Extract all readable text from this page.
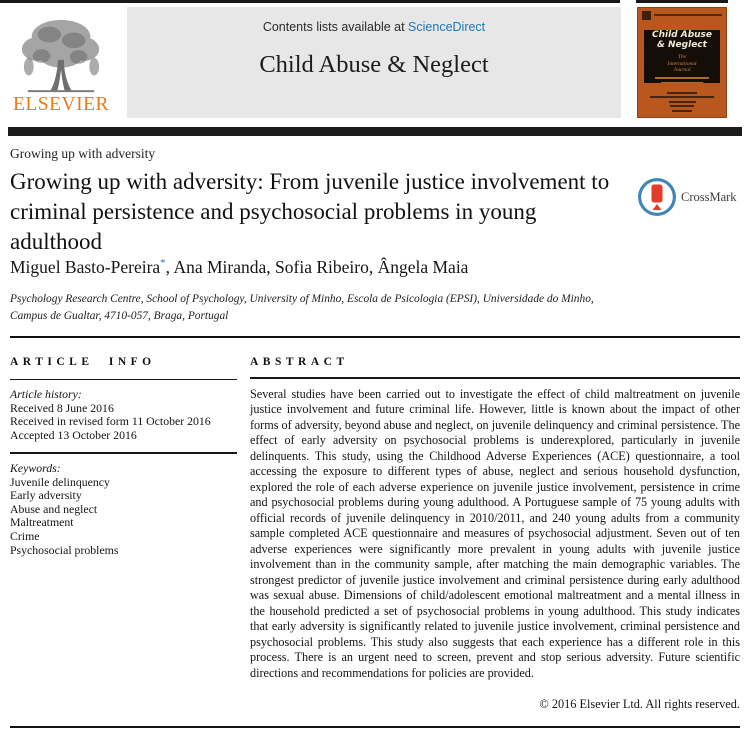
ELSEVIER
Contents lists available at ScienceDirect
Child Abuse & Neglect
Child Abuse
& Neglect
The
International
Journal
Growing up with adversity
Growing up with adversity: From juvenile justice involvement to criminal persistence and psychosocial problems in young adulthood
CrossMark
Miguel Basto-Pereira*, Ana Miranda, Sofia Ribeiro, Ângela Maia
Psychology Research Centre, School of Psychology, University of Minho, Escola de Psicologia (EPSI), Universidade do Minho, Campus de Gualtar, 4710-057, Braga, Portugal
ARTICLE INFO
Article history:
Received 8 June 2016
Received in revised form 11 October 2016
Accepted 13 October 2016
Keywords:
Juvenile delinquency
Early adversity
Abuse and neglect
Maltreatment
Crime
Psychosocial problems
ABSTRACT

Several studies have been carried out to investigate the effect of child maltreatment on juvenile justice involvement and future criminal life. However, little is known about the impact of other forms of adversity, beyond abuse and neglect, on juvenile delinquency and criminal persistence. The effect of early adversity on psychosocial problems is underexplored, particularly in juvenile delinquents. This study, using the Childhood Adverse Experiences (ACE) questionnaire, a tool accessing the exposure to different types of abuse, neglect and serious household dysfunction, explored the role of each adverse experience on juvenile justice involvement, persistence in crime and psychosocial problems during young adulthood. A Portuguese sample of 75 young adults with official records of juvenile delinquency in 2010/2011, and 240 young adults from a community sample completed ACE questionnaire and measures of psychosocial adjustment. Seven out of ten adverse experiences were significantly more prevalent in young adults with juvenile justice involvement than in the community sample, after matching the main demographic variables. The strongest predictor of juvenile justice involvement and criminal persistence during early adulthood was sexual abuse. Dimensions of child/adolescent emotional maltreatment and a mental illness in the household predicted a set of psychosocial problems in young adulthood. This study indicates that early adversity is significantly related to juvenile justice involvement, criminal persistence and psychosocial problems. This study also suggests that each experience has a different role in this process. There is an urgent need to screen, prevent and stop serious adversity. Future scientific directions and recommendations for policies are provided.

© 2016 Elsevier Ltd. All rights reserved.
